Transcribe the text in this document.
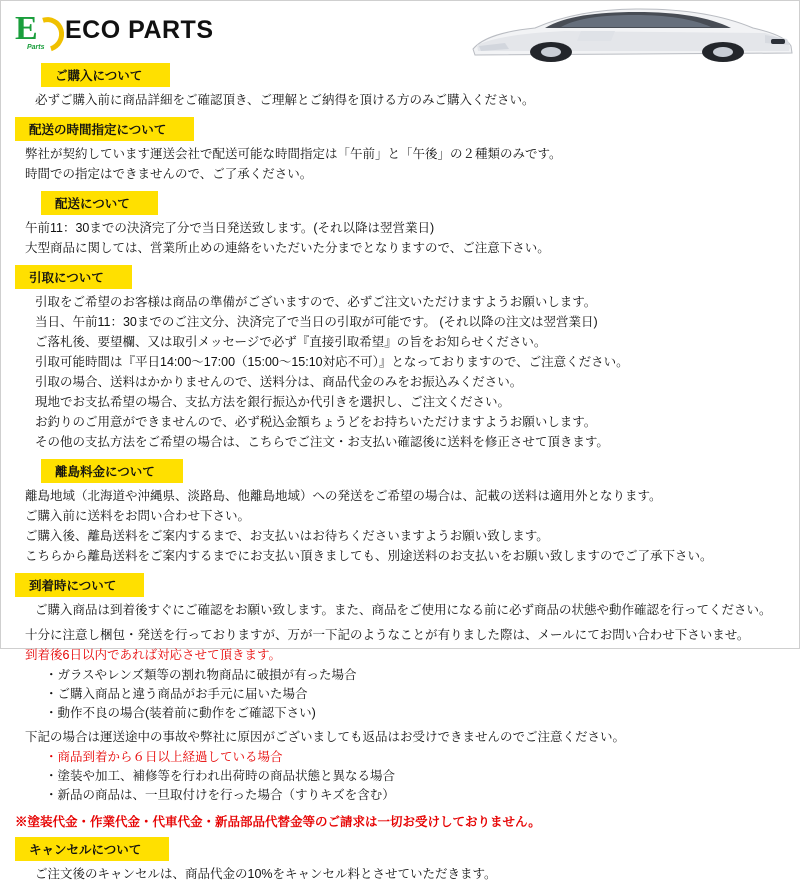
E
Parts
ECO PARTS
ご購入について

必ずご購入前に商品詳細をご確認頂き、ご理解とご納得を頂ける方のみご購入ください。

配送の時間指定について

弊社が契約しています運送会社で配送可能な時間指定は「午前」と「午後」の２種類のみです。

時間での指定はできませんので、ご了承ください。

配送について

午前11：30までの決済完了分で当日発送致します。(それ以降は翌営業日)

大型商品に関しては、営業所止めの連絡をいただいた分までとなりますので、ご注意下さい。

引取について

引取をご希望のお客様は商品の準備がございますので、必ずご注文いただけますようお願いします。

当日、午前11：30までのご注文分、決済完了で当日の引取が可能です。 (それ以降の注文は翌営業日)

ご落札後、要望欄、又は取引メッセージで必ず『直接引取希望』の旨をお知らせください。

引取可能時間は『平日14:00～17:00（15:00～15:10対応不可）』となっておりますので、ご注意ください。

引取の場合、送料はかかりませんので、送料分は、商品代金のみをお振込みください。

現地でお支払希望の場合、支払方法を銀行振込か代引きを選択し、ご注文ください。

お釣りのご用意ができませんので、必ず税込金額ちょうどをお持ちいただけますようお願いします。

その他の支払方法をご希望の場合は、こちらでご注文・お支払い確認後に送料を修正させて頂きます。

離島料金について

離島地域（北海道や沖縄県、淡路島、他離島地域）への発送をご希望の場合は、記載の送料は適用外となります。

ご購入前に送料をお問い合わせ下さい。

ご購入後、離島送料をご案内するまで、お支払いはお待ちくださいますようお願い致します。

こちらから離島送料をご案内するまでにお支払い頂きましても、別途送料のお支払いをお願い致しますのでご了承下さい。

到着時について

ご購入商品は到着後すぐにご確認をお願い致します。また、商品をご使用になる前に必ず商品の状態や動作確認を行ってください。

十分に注意し梱包・発送を行っておりますが、万が一下記のようなことが有りました際は、メールにてお問い合わせ下さいませ。

到着後6日以内であれば対応させて頂きます。

・ガラスやレンズ類等の割れ物商品に破損が有った場合
・ご購入商品と違う商品がお手元に届いた場合
・動作不良の場合(装着前に動作をご確認下さい)

下記の場合は運送途中の事故や弊社に原因がございましても返品はお受けできませんのでご注意ください。

・商品到着から６日以上経過している場合
・塗装や加工、補修等を行われ出荷時の商品状態と異なる場合
・新品の商品は、一旦取付けを行った場合（すりキズを含む）

※塗装代金・作業代金・代車代金・新品部品代替金等のご請求は一切お受けしておりません。

キャンセルについて

ご注文後のキャンセルは、商品代金の10%をキャンセル料とさせていただきます。
